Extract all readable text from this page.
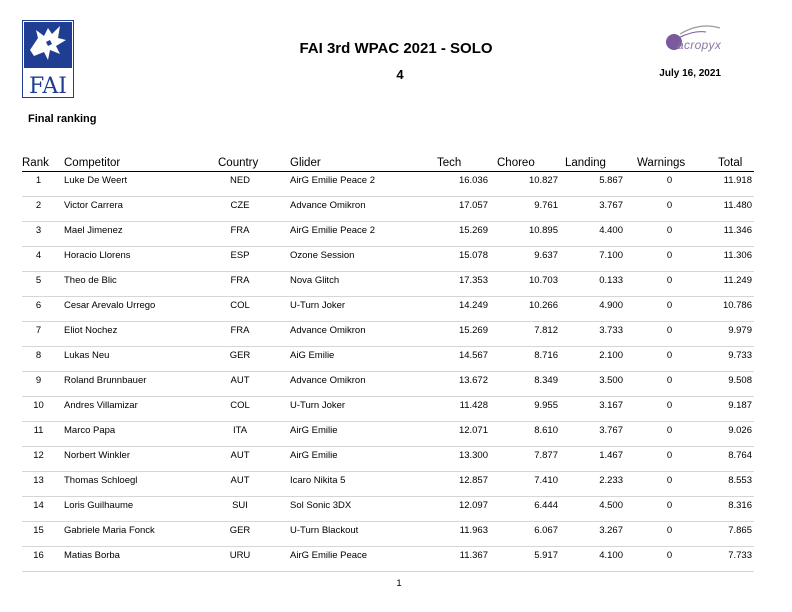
FAI
acropyx
FAI 3rd WPAC 2021 - SOLO
4	July 16, 2021
Final ranking
Rank Competitor	Country	Glider	Tech	Choreo	Landing	Warnings	Total
1	Luke De Weert	NED	AirG Emilie Peace 2	16.036	10.827	5.867	0	11.918
2	Victor Carrera	CZE	Advance Omikron	17.057	9.761	3.767	0	11.480
3	Mael Jimenez	FRA	AirG Emilie Peace 2	15.269	10.895	4.400	0	11.346
4	Horacio Llorens	ESP	Ozone Session	15.078	9.637	7.100	0	11.306
5	Theo de Blic	FRA	Nova Glitch	17.353	10.703	0.133	0	11.249
6	Cesar Arevalo Urrego	COL	U-Turn Joker	14.249	10.266	4.900	0	10.786
7	Eliot Nochez	FRA	Advance Omikron	15.269	7.812	3.733	0	9.979
8	Lukas Neu	GER	AiG Emilie	14.567	8.716	2.100	0	9.733
9	Roland Brunnbauer	AUT	Advance Omikron	13.672	8.349	3.500	0	9.508
10	Andres Villamizar	COL	U-Turn Joker	11.428	9.955	3.167	0	9.187
11	Marco Papa	ITA	AirG Emilie	12.071	8.610	3.767	0	9.026
12	Norbert Winkler	AUT	AirG Emilie	13.300	7.877	1.467	0	8.764
13	Thomas Schloegl	AUT	Icaro Nikita 5	12.857	7.410	2.233	0	8.553
14	Loris Guilhaume	SUI	Sol Sonic 3DX	12.097	6.444	4.500	0	8.316
15	Gabriele Maria Fonck	GER	U-Turn Blackout	11.963	6.067	3.267	0	7.865
16	Matias Borba	URU	AirG Emilie Peace	11.367	5.917	4.100	0	7.733
1
